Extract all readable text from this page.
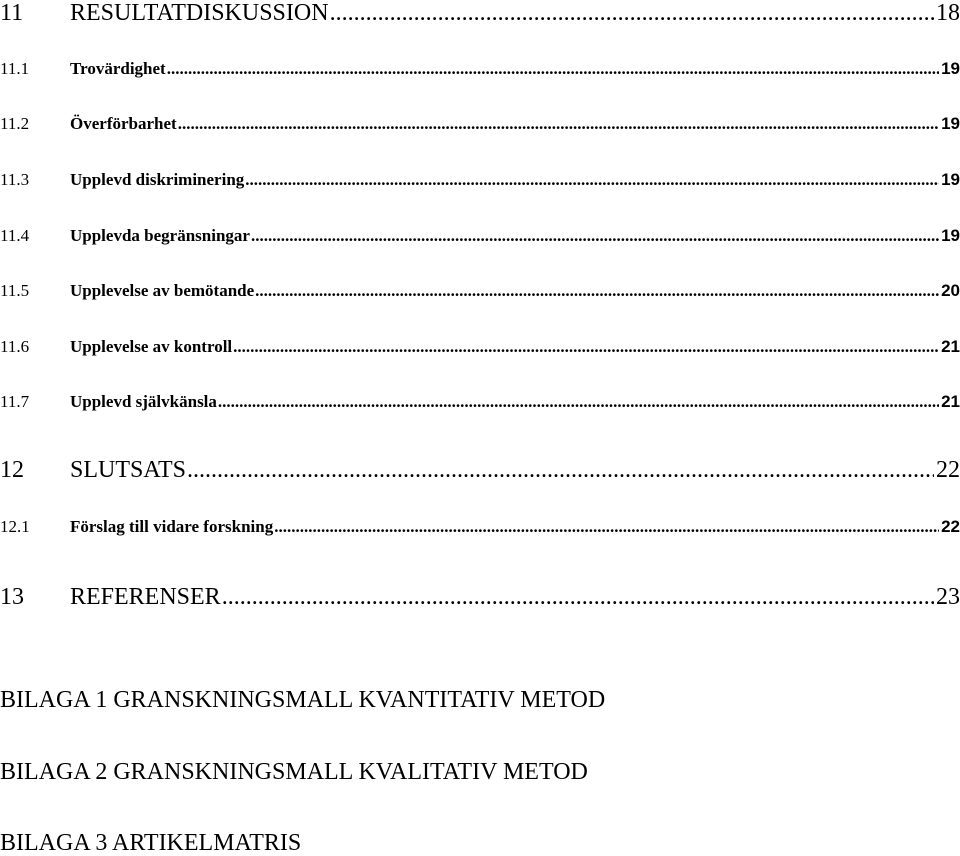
11	RESULTATDISKUSSION .....	18
11.1	Trovärdighet .....	19
11.2	Överförbarhet .....	19
11.3	Upplevd diskriminering .....	19
11.4	Upplevda begränsningar .....	19
11.5	Upplevelse av bemötande .....	20
11.6	Upplevelse av kontroll .....	21
11.7	Upplevd självkänsla .....	21
12	SLUTSATS .....	22
12.1	Förslag till vidare forskning .....	22
13	REFERENSER .....	23
BILAGA 1 GRANSKNINGSMALL KVANTITATIV METOD
BILAGA 2 GRANSKNINGSMALL KVALITATIV METOD
BILAGA 3 ARTIKELMATRIS
